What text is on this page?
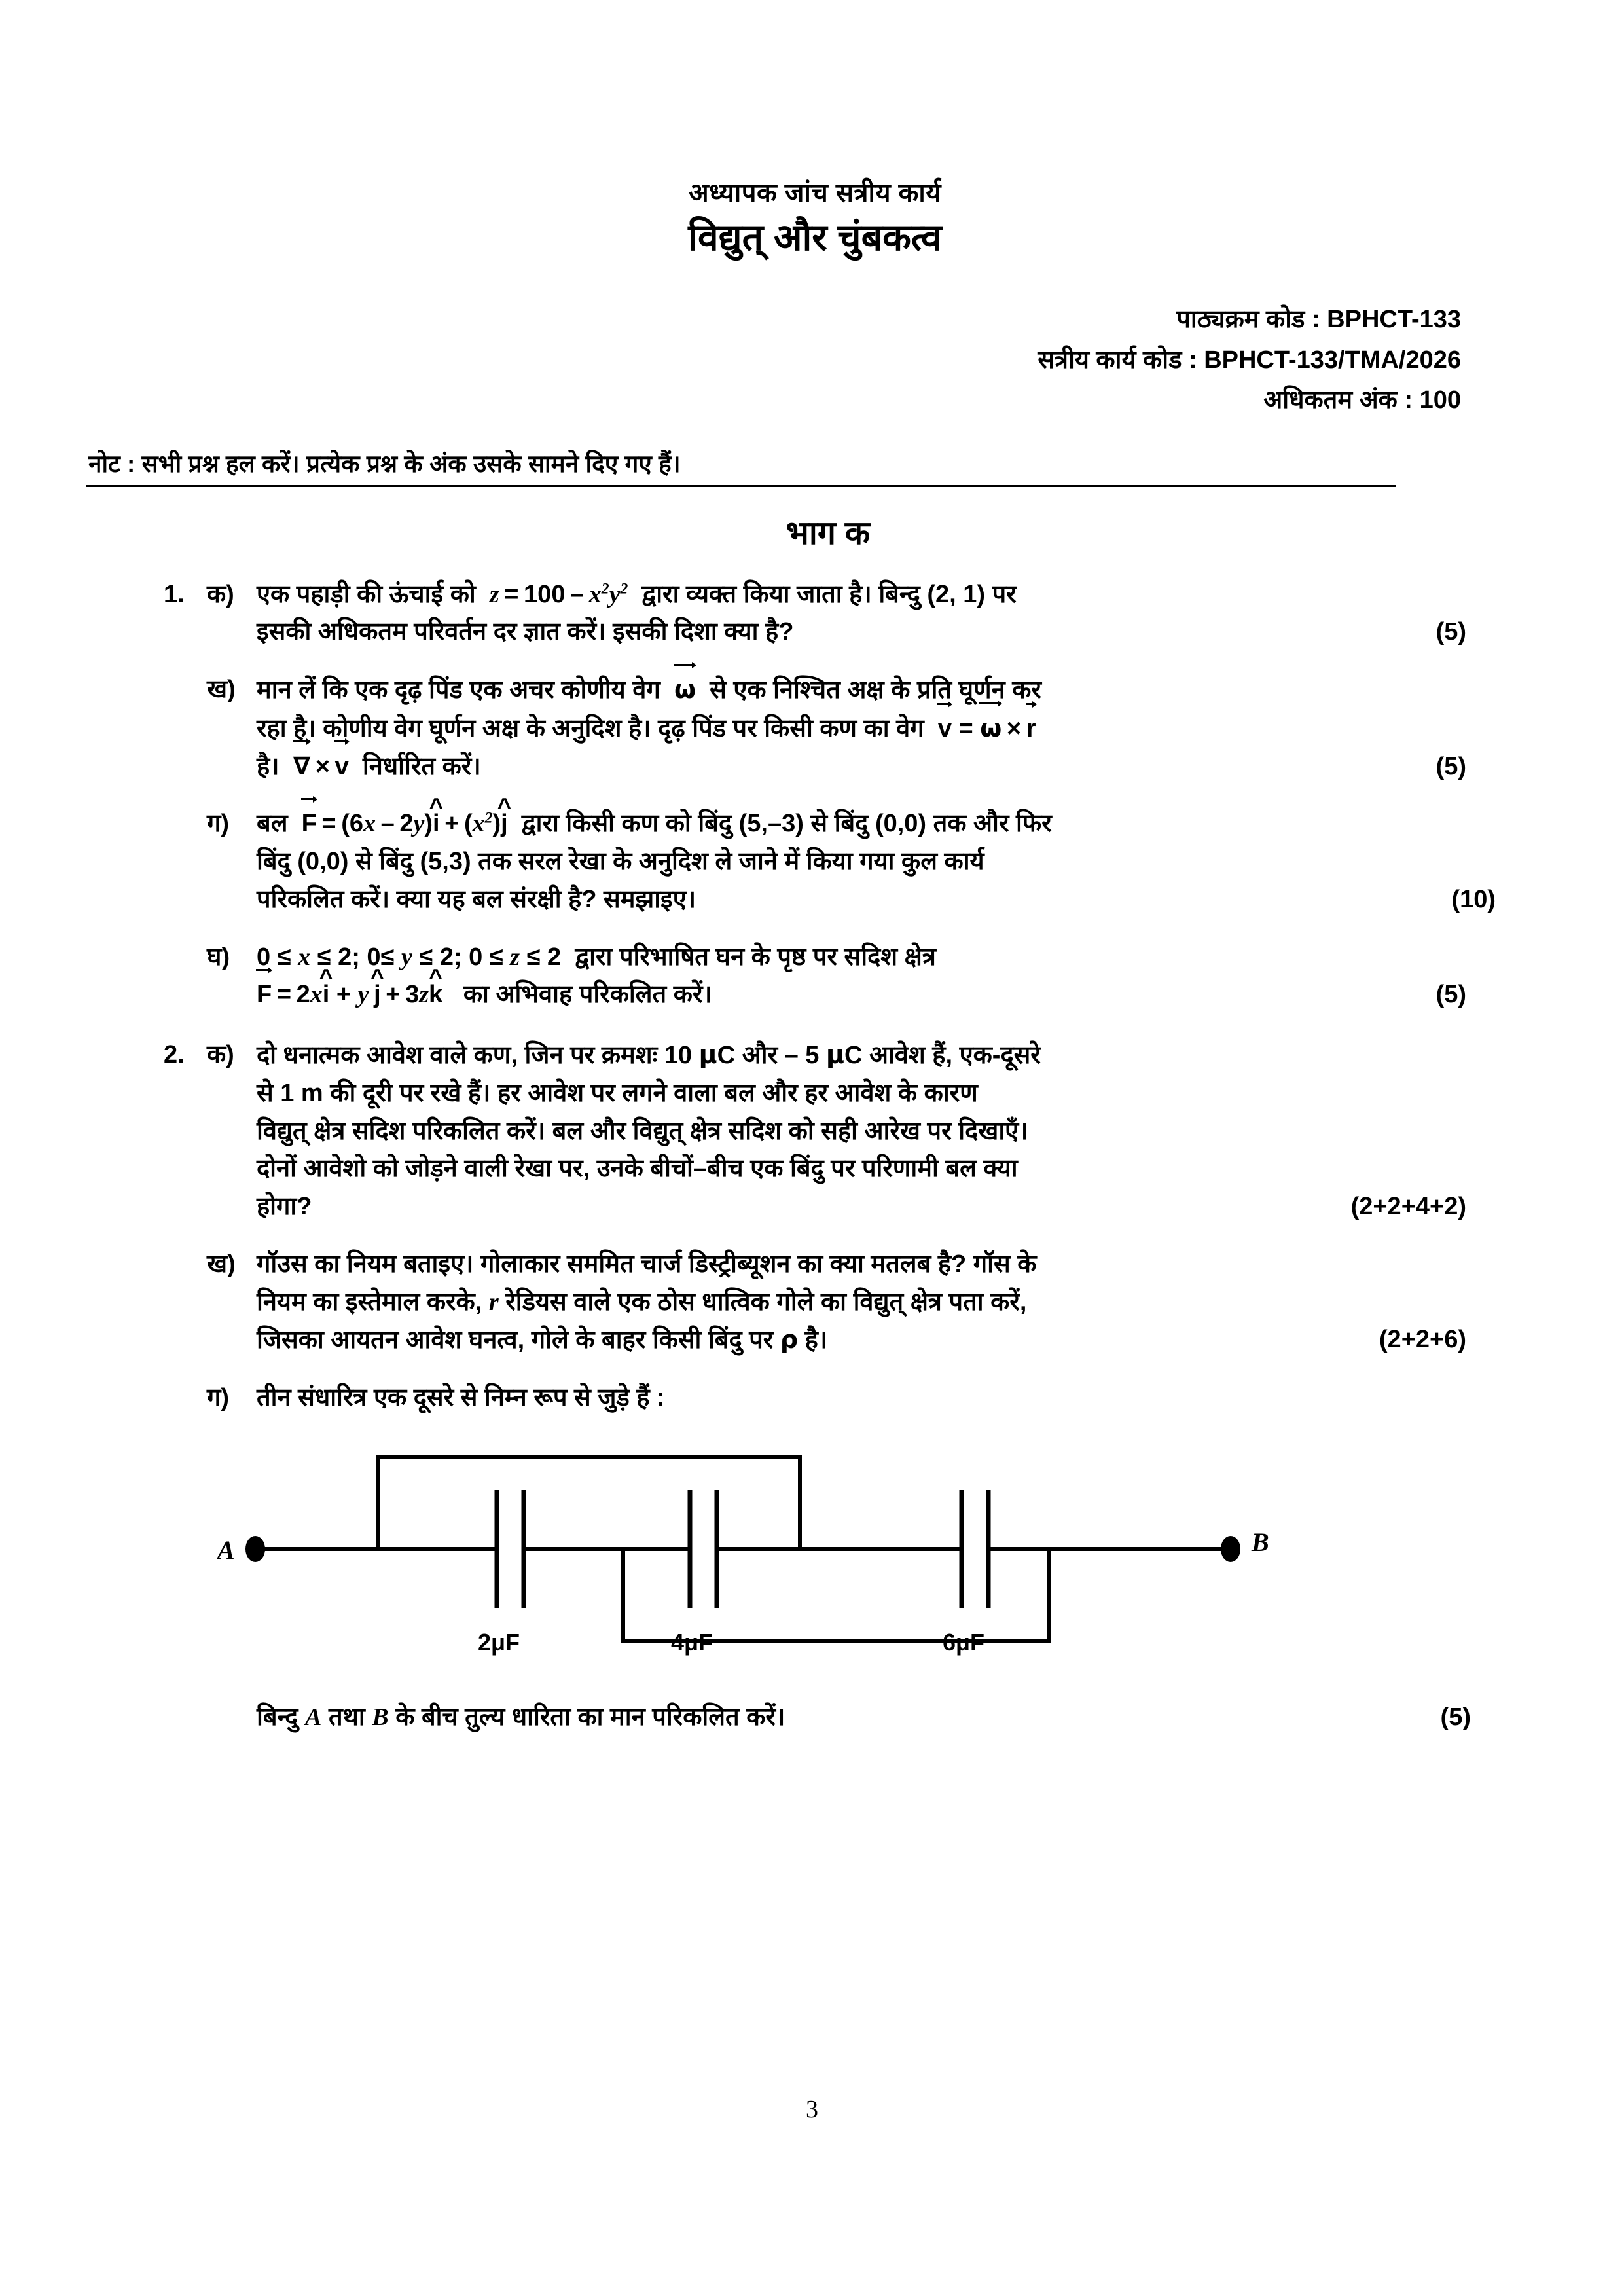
अध्यापक जांच सत्रीय कार्य
विद्युत् और चुंबकत्व
पाठ्यक्रम कोड : BPHCT-133
सत्रीय कार्य कोड : BPHCT-133/TMA/2026
अधिकतम अंक : 100
नोट : सभी प्रश्न हल करें। प्रत्येक प्रश्न के अंक उसके सामने दिए गए हैं।
भाग क
1. क) एक पहाड़ी की ऊंचाई को $z = 100 - x^2y^2$ द्वारा व्यक्त किया जाता है। बिन्दु (2, 1) पर

इसकी अधिकतम परिवर्तन दर ज्ञात करें। इसकी दिशा क्या है?	(5)
ख) मान लें कि एक दृढ़ पिंड एक अचर कोणीय वेग ω से एक निश्चित अक्ष के प्रति घूर्णन कर

रहा है। कोणीय वेग घूर्णन अक्ष के अनुदिश है। दृढ़ पिंड पर किसी कण का वेग v = ω × r

है। ∇ × v निर्धारित करें।	(5)

ग)	बल F = (6x – 2y)i ^ + $(x^2)j$ ^ द्वारा किसी कण को बिंदु (5,–3) से बिंदु (0,0) तक और फिर

बिंदु (0,0) से बिंदु (5,3) तक सरल रेखा के अनुदिश ले जाने में किया गया कुल कार्य

परिकलित करें। क्या यह बल संरक्षी है? समझाइए।	(10)

घ)	0 ≤ x ≤ 2; 0≤ y ≤ 2; 0 ≤ z ≤ 2  द्वारा परिभाषित घन के पृष्ठ पर सदिश क्षेत्र

F = 2xi ^ + y  j ^ + 3zk ^ का अभिवाह परिकलित करें।	(5)

2. क) दो धनात्मक आवेश वाले कण, जिन पर क्रमशः 10 μC और – 5 μC आवेश हैं, एक-दूसरे

से 1 m की दूरी पर रखे हैं। हर आवेश पर लगने वाला बल और हर आवेश के कारण

विद्युत् क्षेत्र सदिश परिकलित करें। बल और विद्युत् क्षेत्र सदिश को सही आरेख पर दिखाएँ।

दोनों आवेशो को जोड़ने वाली रेखा पर, उनके बीचों–बीच एक बिंदु पर परिणामी बल क्या

होगा?	(2+2+4+2)

ख) गॉउस का नियम बताइए। गोलाकार सममित चार्ज डिस्ट्रीब्यूशन का क्या मतलब है? गॉस के

नियम का इस्तेमाल करके, r रेडियस वाले एक ठोस धात्विक गोले का विद्युत् क्षेत्र पता करें,

जिसका आयतन आवेश घनत्व, गोले के बाहर किसी बिंदु पर ρ है।	(2+2+6)

ग)	तीन संधारित्र एक दूसरे से निम्न रूप से जुड़े हैं :

A	B
2μF	4μF	6μF

बिन्दु A तथा B के बीच तुल्य धारिता का मान परिकलित करें।	(5)

3
